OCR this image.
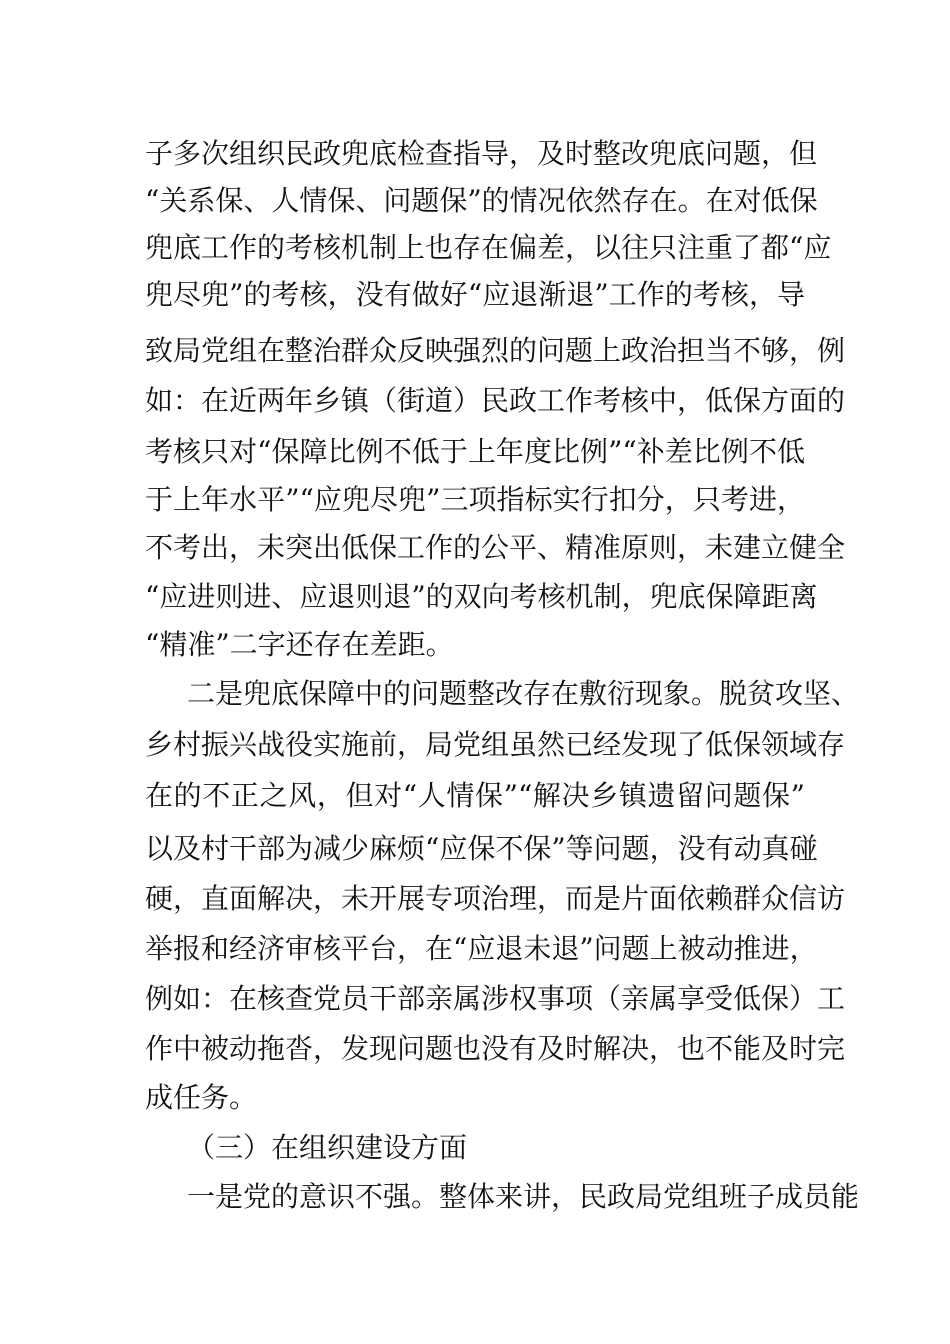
子多次组织民政兜底检查指导，及时整改兜底问题，但
“关系保、人情保、问题保”的情况依然存在。在对低保
兜底工作的考核机制上也存在偏差，以往只注重了都“应
兜尽兜”的考核，没有做好“应退渐退”工作的考核，导
致局党组在整治群众反映强烈的问题上政治担当不够，例
如：在近两年乡镇（街道）民政工作考核中，低保方面的
考核只对“保障比例不低于上年度比例”“补差比例不低
于上年水平”“应兜尽兜”三项指标实行扣分，只考进，
不考出，未突出低保工作的公平、精准原则，未建立健全
“应进则进、应退则退”的双向考核机制，兜底保障距离
“精准”二字还存在差距。
二是兜底保障中的问题整改存在敷衍现象。脱贫攻坚、
乡村振兴战役实施前，局党组虽然已经发现了低保领域存
在的不正之风，但对“人情保”“解决乡镇遗留问题保”
以及村干部为减少麻烦“应保不保”等问题，没有动真碰
硬，直面解决，未开展专项治理，而是片面依赖群众信访
举报和经济审核平台，在“应退未退”问题上被动推进，
例如：在核查党员干部亲属涉权事项（亲属享受低保）工
作中被动拖沓，发现问题也没有及时解决，也不能及时完
成任务。
（三）在组织建设方面
一是党的意识不强。整体来讲，民政局党组班子成员能
